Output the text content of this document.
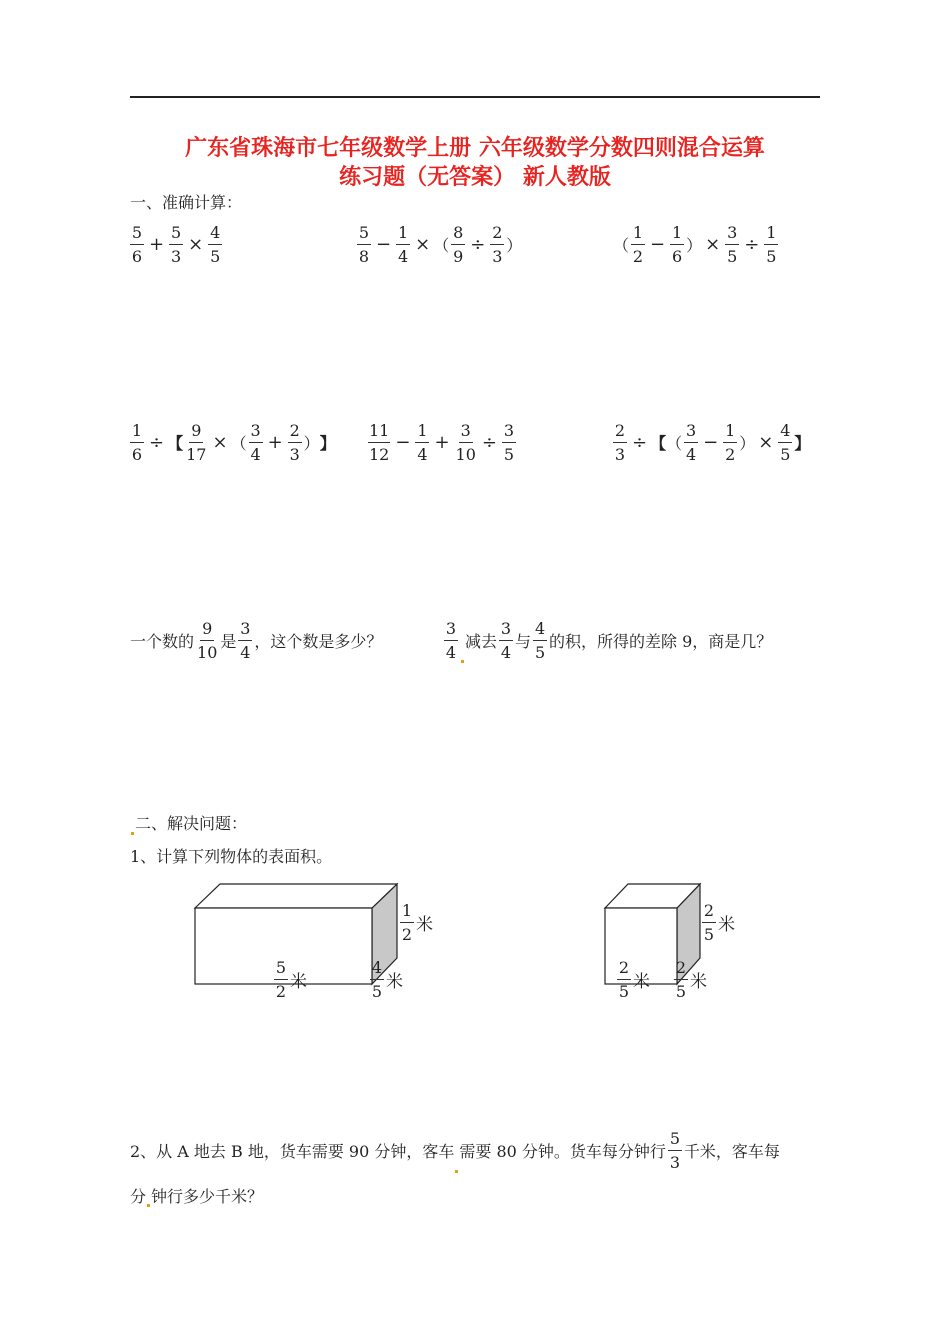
广东省珠海市七年级数学上册 六年级数学分数四则混合运算
练习题（无答案） 新人教版
一、准确计算：
$\frac{5}{6} + \frac{5}{3} \times \frac{4}{5}$	$\frac{5}{8} - \frac{1}{4}$ × （ $\frac{8}{9} \div \frac{2}{3}$ ）	（ $\frac{1}{2} - \frac{1}{6}$ ） × $\frac{3}{5} \div \frac{1}{5}$
$\frac{1}{6}$ ÷ 【 $\frac{9}{17}$ × （ $\frac{3}{4} + \frac{2}{3}$ ） 】 $\frac{11}{12} - \frac{1}{4} + \frac{3}{10} \div \frac{3}{5}$	$\frac{2}{3}$ ÷ 【 （ $\frac{3}{4} - \frac{1}{2}$ ） × $\frac{4}{5}$ 】
一个数的 $\frac{9}{10}$ 是 $\frac{3}{4}$ ，这个数是多少？	$\frac{3}{4}$ 减去 $\frac{3}{4}$ 与 $\frac{4}{5}$ 的积，所得的差除 9，商是几？
二、解决问题：
1、计算下列物体的表面积。
$\frac{1}{2}$ 米
$\frac{5}{2}$ 米	$\frac{4}{5}$ 米
$\frac{2}{5}$ 米
$\frac{2}{5}$ 米 $\frac{2}{5}$ 米
2、从 A 地去 B 地，货车需要 90 分钟，客车 需要 80 分钟。货车每分钟行 $\frac{5}{3}$ 千米，客车每
分 钟行多少千米？
